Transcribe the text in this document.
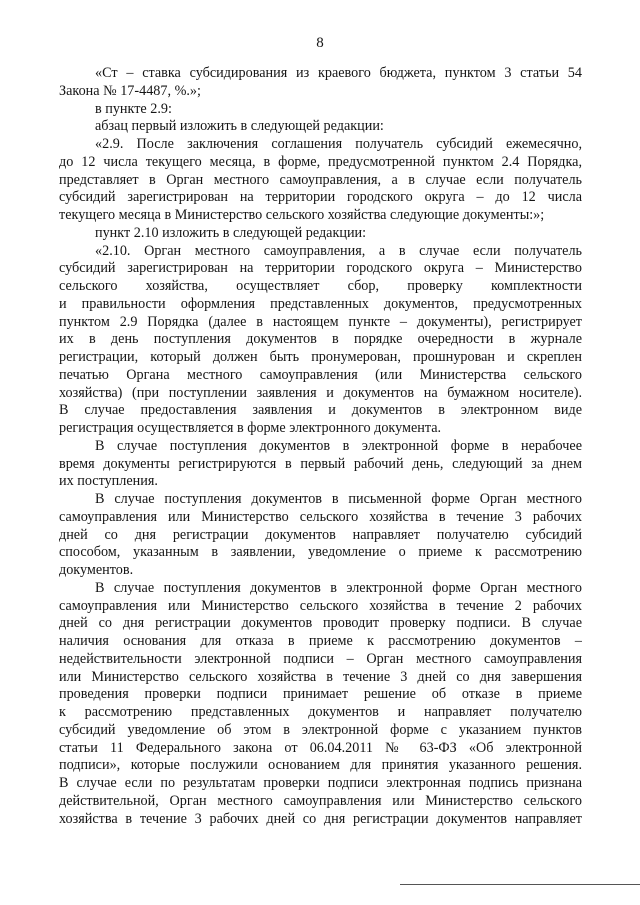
8
«Ст – ставка субсидирования из краевого бюджета, пунктом 3 статьи 54
Закона № 17-4487, %.»;
в пункте 2.9:
абзац первый изложить в следующей редакции:
«2.9. После заключения соглашения получатель субсидий ежемесячно,
до 12 числа текущего месяца, в форме, предусмотренной пунктом 2.4 Порядка,
представляет в Орган местного самоуправления, а в случае если получатель
субсидий зарегистрирован на территории городского округа – до 12 числа
текущего месяца в Министерство сельского хозяйства следующие документы:»;
пункт 2.10 изложить в следующей редакции:
«2.10. Орган местного самоуправления, а в случае если получатель
субсидий зарегистрирован на территории городского округа – Министерство
сельского хозяйства, осуществляет сбор, проверку комплектности
и правильности оформления представленных документов, предусмотренных
пунктом 2.9 Порядка (далее в настоящем пункте – документы), регистрирует
их в день поступления документов в порядке очередности в журнале
регистрации, который должен быть пронумерован, прошнурован и скреплен
печатью Органа местного самоуправления (или Министерства сельского
хозяйства) (при поступлении заявления и документов на бумажном носителе).
В случае предоставления заявления и документов в электронном виде
регистрация осуществляется в форме электронного документа.
В случае поступления документов в электронной форме в нерабочее
время документы регистрируются в первый рабочий день, следующий за днем
их поступления.
В случае поступления документов в письменной форме Орган местного
самоуправления или Министерство сельского хозяйства в течение 3 рабочих
дней со дня регистрации документов направляет получателю субсидий
способом, указанным в заявлении, уведомление о приеме к рассмотрению
документов.
В случае поступления документов в электронной форме Орган местного
самоуправления или Министерство сельского хозяйства в течение 2 рабочих
дней со дня регистрации документов проводит проверку подписи. В случае
наличия основания для отказа в приеме к рассмотрению документов –
недействительности электронной подписи – Орган местного самоуправления
или Министерство сельского хозяйства в течение 3 дней со дня завершения
проведения проверки подписи принимает решение об отказе в приеме
к рассмотрению представленных документов и направляет получателю
субсидий уведомление об этом в электронной форме с указанием пунктов
статьи 11 Федерального закона от 06.04.2011 № 63-ФЗ «Об электронной
подписи», которые послужили основанием для принятия указанного решения.
В случае если по результатам проверки подписи электронная подпись признана
действительной, Орган местного самоуправления или Министерство сельского
хозяйства в течение 3 рабочих дней со дня регистрации документов направляет
